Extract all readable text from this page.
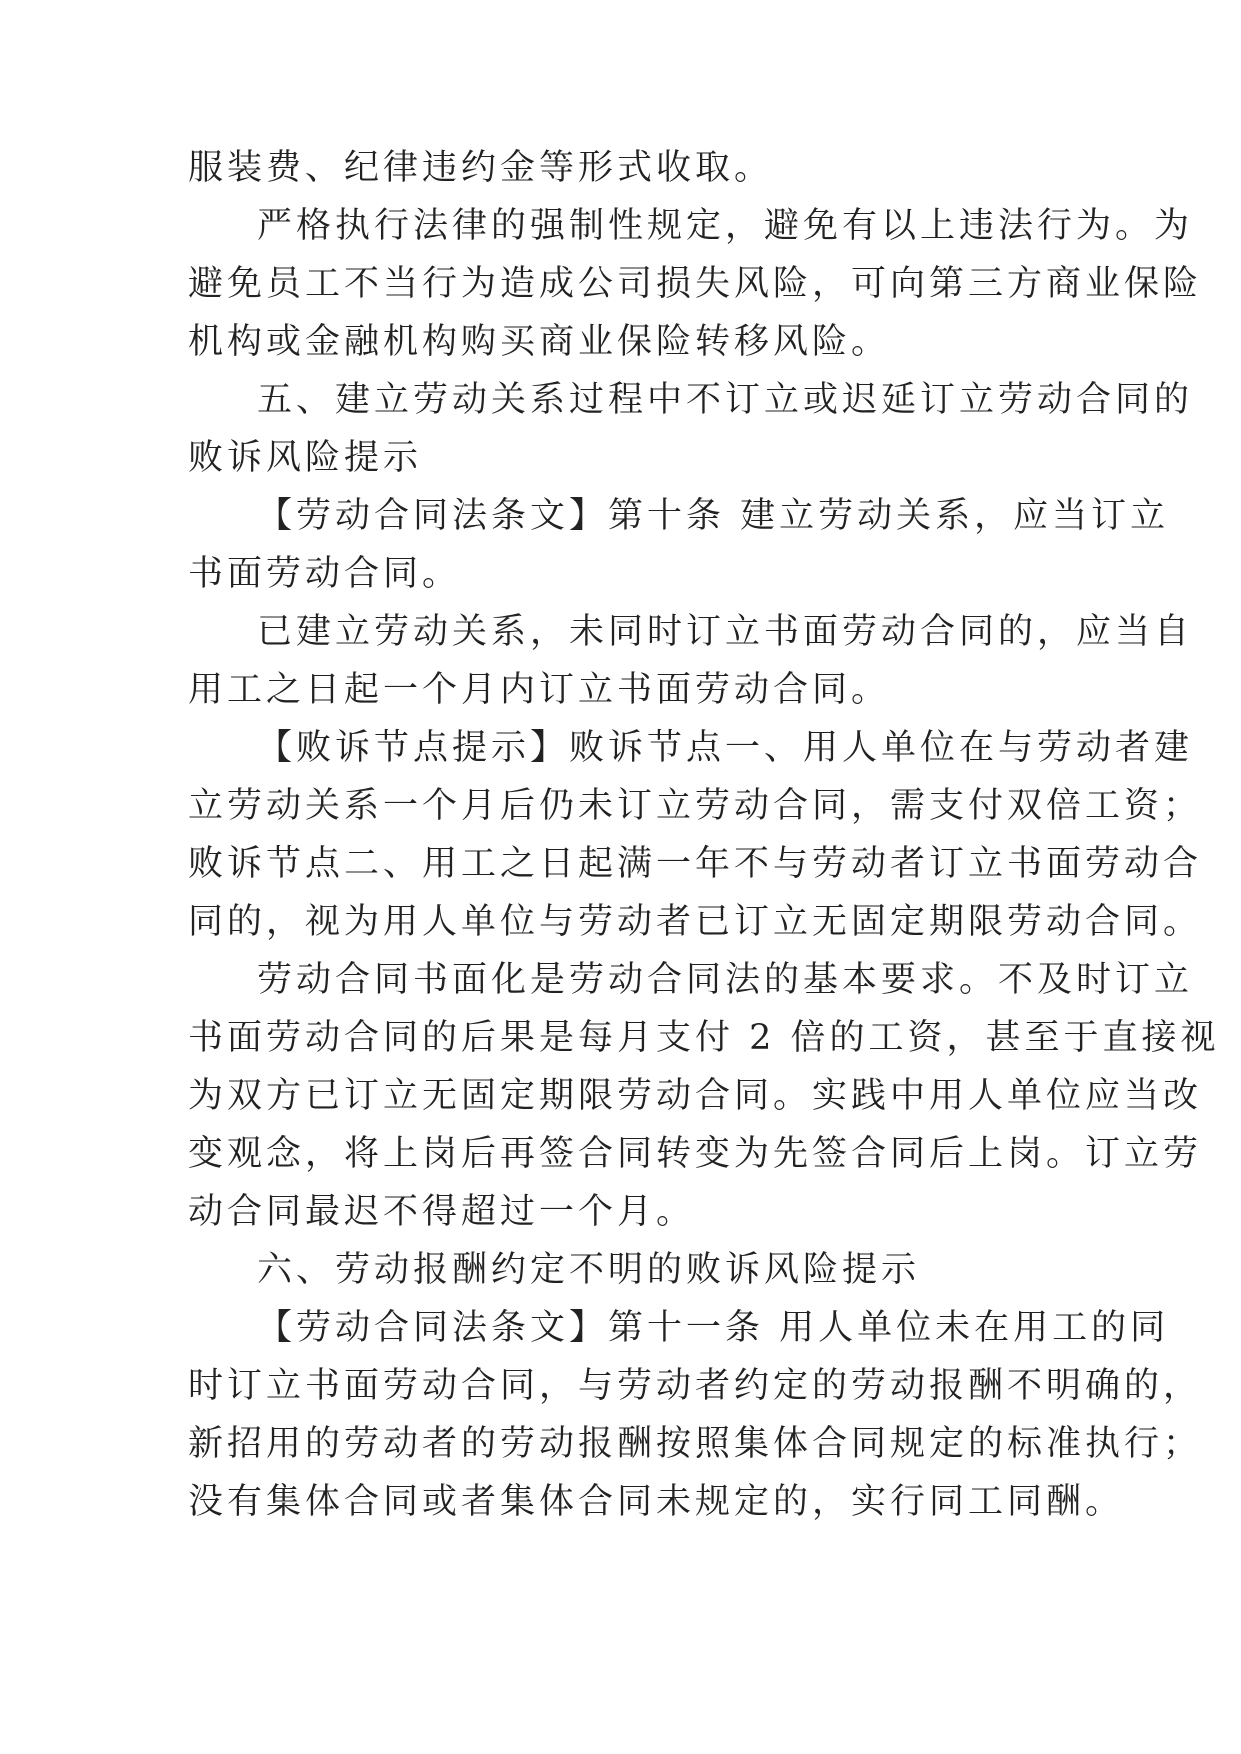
服装费、纪律违约金等形式收取。
严格执行法律的强制性规定，避免有以上违法行为。为
避免员工不当行为造成公司损失风险，可向第三方商业保险
机构或金融机构购买商业保险转移风险。
五、建立劳动关系过程中不订立或迟延订立劳动合同的
败诉风险提示
【劳动合同法条文】第十条 建立劳动关系，应当订立
书面劳动合同。
已建立劳动关系，未同时订立书面劳动合同的，应当自
用工之日起一个月内订立书面劳动合同。
【败诉节点提示】败诉节点一、用人单位在与劳动者建
立劳动关系一个月后仍未订立劳动合同，需支付双倍工资；
败诉节点二、用工之日起满一年不与劳动者订立书面劳动合
同的，视为用人单位与劳动者已订立无固定期限劳动合同。
劳动合同书面化是劳动合同法的基本要求。不及时订立
书面劳动合同的后果是每月支付 2 倍的工资，甚至于直接视
为双方已订立无固定期限劳动合同。实践中用人单位应当改
变观念，将上岗后再签合同转变为先签合同后上岗。订立劳
动合同最迟不得超过一个月。
六、劳动报酬约定不明的败诉风险提示
【劳动合同法条文】第十一条 用人单位未在用工的同
时订立书面劳动合同，与劳动者约定的劳动报酬不明确的，
新招用的劳动者的劳动报酬按照集体合同规定的标准执行；
没有集体合同或者集体合同未规定的，实行同工同酬。
